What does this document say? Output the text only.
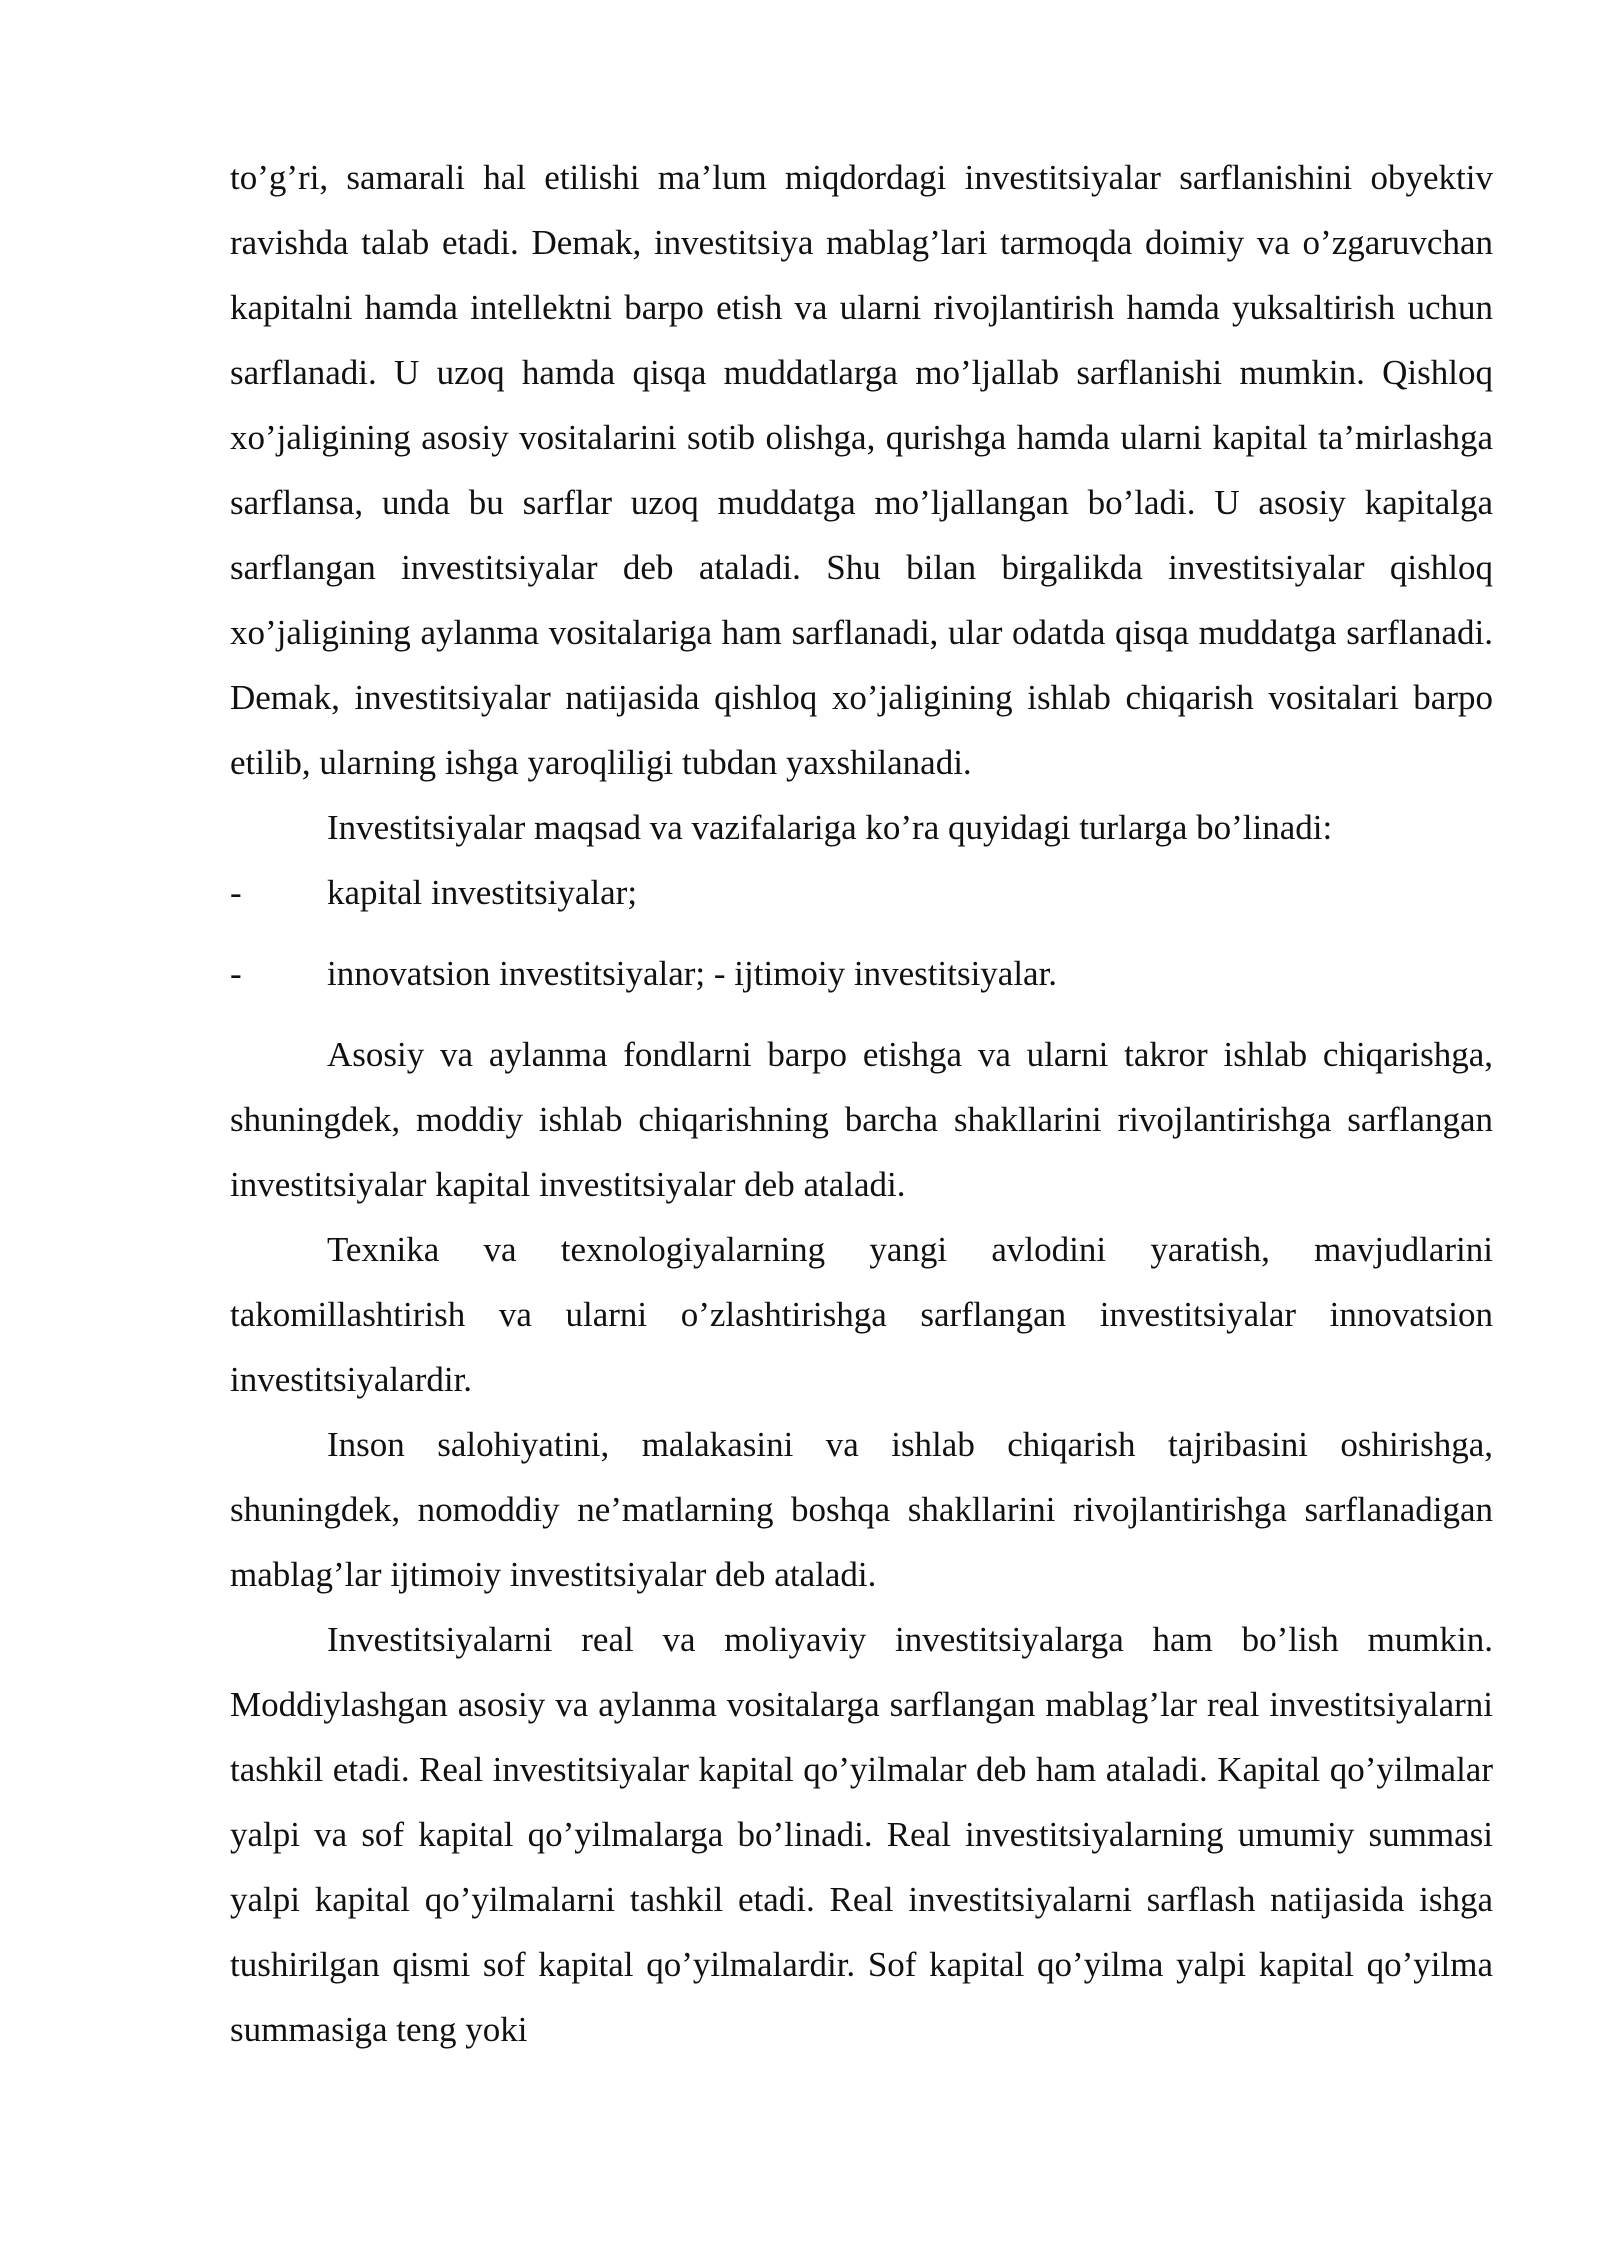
to’g’ri, samarali hal etilishi ma’lum miqdordagi investitsiyalar sarflanishini obyektiv ravishda talab etadi. Demak, investitsiya mablag’lari tarmoqda doimiy va o’zgaruvchan kapitalni hamda intellektni barpo etish va ularni rivojlantirish hamda yuksaltirish uchun sarflanadi. U uzoq hamda qisqa muddatlarga mo’ljallab sarflanishi mumkin. Qishloq xo’jaligining asosiy vositalarini sotib olishga, qurishga hamda ularni kapital ta’mirlashga sarflansa, unda bu sarflar uzoq muddatga mo’ljallangan bo’ladi. U asosiy kapitalga sarflangan investitsiyalar deb ataladi. Shu bilan birgalikda investitsiyalar qishloq xo’jaligining aylanma vositalariga ham sarflanadi, ular odatda qisqa muddatga sarflanadi. Demak, investitsiyalar natijasida qishloq xo’jaligining ishlab chiqarish vositalari barpo etilib, ularning ishga yaroqliligi tubdan yaxshilanadi.

Investitsiyalar maqsad va vazifalariga ko’ra quyidagi turlarga bo’linadi:

-	kapital investitsiyalar;
-	innovatsion investitsiyalar; - ijtimoiy investitsiyalar.

Asosiy va aylanma fondlarni barpo etishga va ularni takror ishlab chiqarishga, shuningdek, moddiy ishlab chiqarishning barcha shakllarini rivojlantirishga sarflangan investitsiyalar kapital investitsiyalar deb ataladi.

Texnika va texnologiyalarning yangi avlodini yaratish, mavjudlarini takomillashtirish va ularni o’zlashtirishga sarflangan investitsiyalar innovatsion investitsiyalardir.

Inson salohiyatini, malakasini va ishlab chiqarish tajribasini oshirishga, shuningdek, nomoddiy ne’matlarning boshqa shakllarini rivojlantirishga sarflanadigan mablag’lar ijtimoiy investitsiyalar deb ataladi.

Investitsiyalarni real va moliyaviy investitsiyalarga ham bo’lish mumkin. Moddiylashgan asosiy va aylanma vositalarga sarflangan mablag’lar real investitsiyalarni tashkil etadi. Real investitsiyalar kapital qo’yilmalar deb ham ataladi. Kapital qo’yilmalar yalpi va sof kapital qo’yilmalarga bo’linadi. Real investitsiyalarning umumiy summasi yalpi kapital qo’yilmalarni tashkil etadi. Real investitsiyalarni sarflash natijasida ishga tushirilgan qismi sof kapital qo’yilmalardir. Sof kapital qo’yilma yalpi kapital qo’yilma summasiga teng yoki
